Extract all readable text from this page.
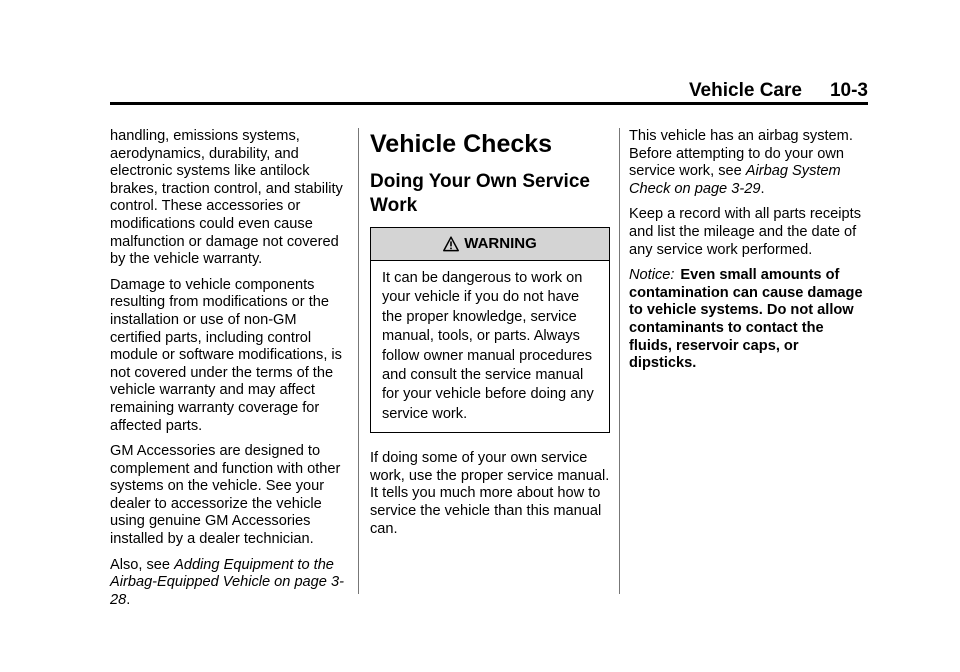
Vehicle Care 10-3

handling, emissions systems, aerodynamics, durability, and electronic systems like antilock brakes, traction control, and stability control. These accessories or modifications could even cause malfunction or damage not covered by the vehicle warranty.

Damage to vehicle components resulting from modifications or the installation or use of non-GM certified parts, including control module or software modifications, is not covered under the terms of the vehicle warranty and may affect remaining warranty coverage for affected parts.

GM Accessories are designed to complement and function with other systems on the vehicle. See your dealer to accessorize the vehicle using genuine GM Accessories installed by a dealer technician.

Also, see Adding Equipment to the Airbag-Equipped Vehicle on page 3-28.

Vehicle Checks
Doing Your Own Service Work
WARNING
It can be dangerous to work on your vehicle if you do not have the proper knowledge, service manual, tools, or parts. Always follow owner manual procedures and consult the service manual for your vehicle before doing any service work.

If doing some of your own service work, use the proper service manual. It tells you much more about how to service the vehicle than this manual can.

This vehicle has an airbag system. Before attempting to do your own service work, see Airbag System Check on page 3-29.

Keep a record with all parts receipts and list the mileage and the date of any service work performed.

Notice: Even small amounts of contamination can cause damage to vehicle systems. Do not allow contaminants to contact the fluids, reservoir caps, or dipsticks.
